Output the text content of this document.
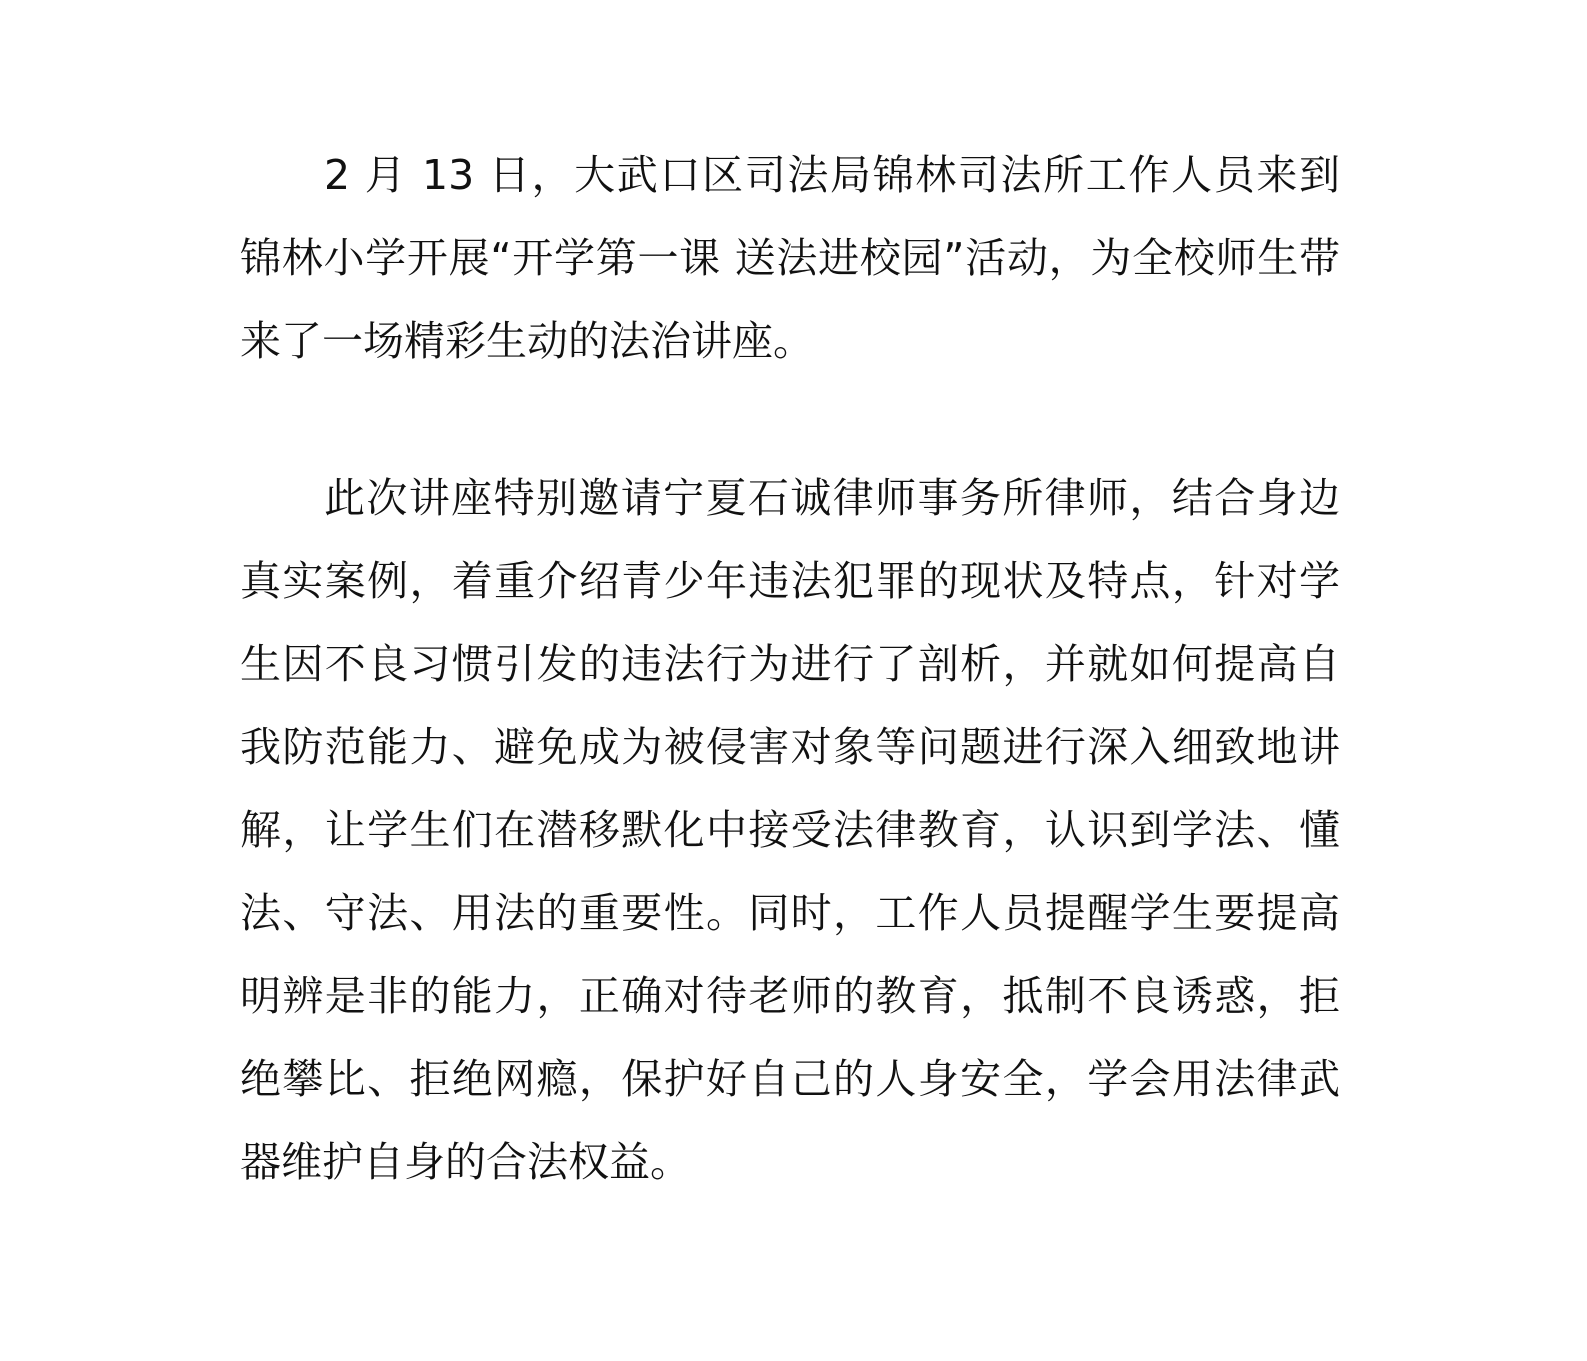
2 月 13 日，大武口区司法局锦林司法所工作人员来到锦林小学开展“开学第一课 送法进校园”活动，为全校师生带来了一场精彩生动的法治讲座。

此次讲座特别邀请宁夏石诚律师事务所律师，结合身边真实案例，着重介绍青少年违法犯罪的现状及特点，针对学生因不良习惯引发的违法行为进行了剖析，并就如何提高自我防范能力、避免成为被侵害对象等问题进行深入细致地讲解，让学生们在潜移默化中接受法律教育，认识到学法、懂法、守法、用法的重要性。同时，工作人员提醒学生要提高明辨是非的能力，正确对待老师的教育，抵制不良诱惑，拒绝攀比、拒绝网瘾，保护好自己的人身安全，学会用法律武器维护自身的合法权益。
